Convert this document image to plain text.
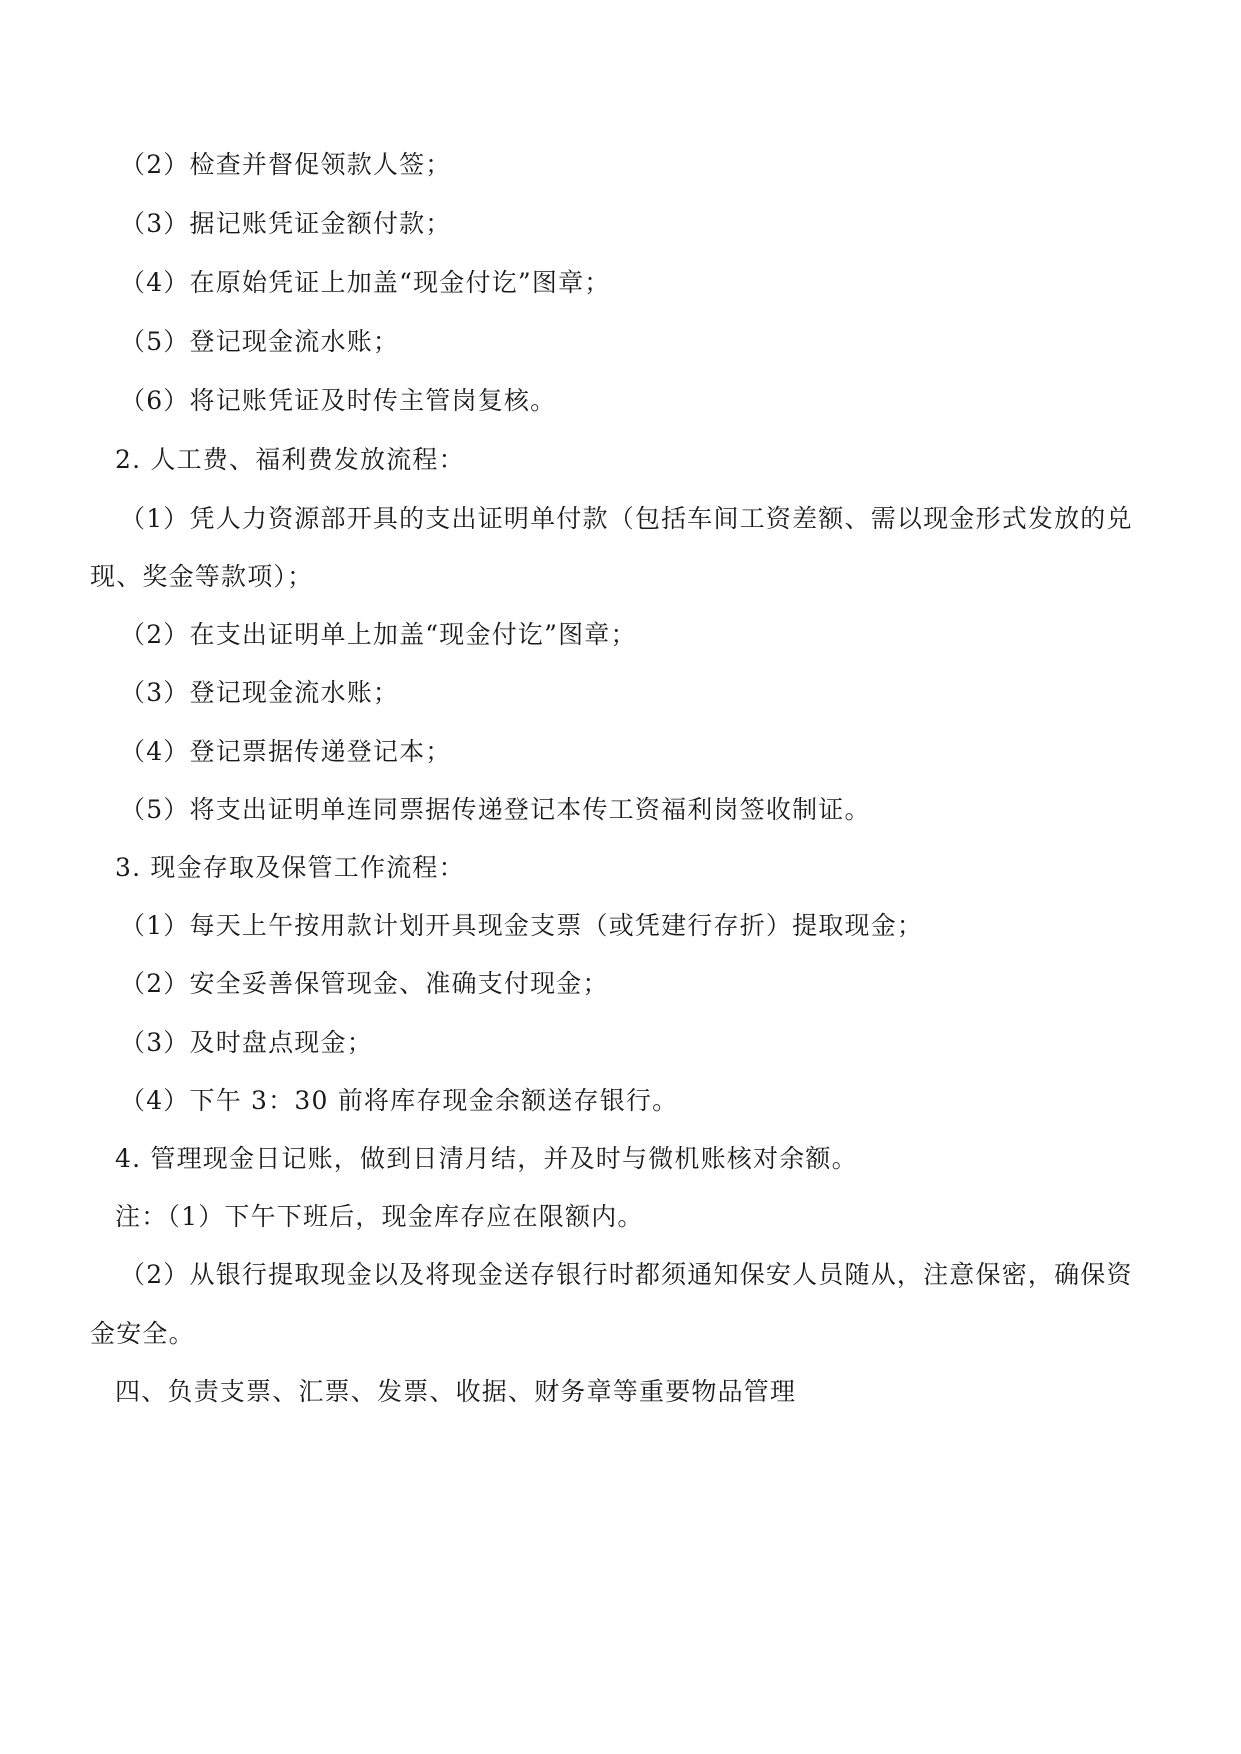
（2）检查并督促领款人签；
（3）据记账凭证金额付款；
（4）在原始凭证上加盖“现金付讫”图章；
（5）登记现金流水账；
（6）将记账凭证及时传主管岗复核。
2. 人工费、福利费发放流程：
（1）凭人力资源部开具的支出证明单付款（包括车间工资差额、需以现金形式发放的兑
现、奖金等款项）；
（2）在支出证明单上加盖“现金付讫”图章；
（3）登记现金流水账；
（4）登记票据传递登记本；
（5）将支出证明单连同票据传递登记本传工资福利岗签收制证。
3. 现金存取及保管工作流程：
（1）每天上午按用款计划开具现金支票（或凭建行存折）提取现金；
（2）安全妥善保管现金、准确支付现金；
（3）及时盘点现金；
（4）下午 3：30 前将库存现金余额送存银行。
4. 管理现金日记账，做到日清月结，并及时与微机账核对余额。
注：（1）下午下班后，现金库存应在限额内。
（2）从银行提取现金以及将现金送存银行时都须通知保安人员随从，注意保密，确保资
金安全。
四、负责支票、汇票、发票、收据、财务章等重要物品管理
